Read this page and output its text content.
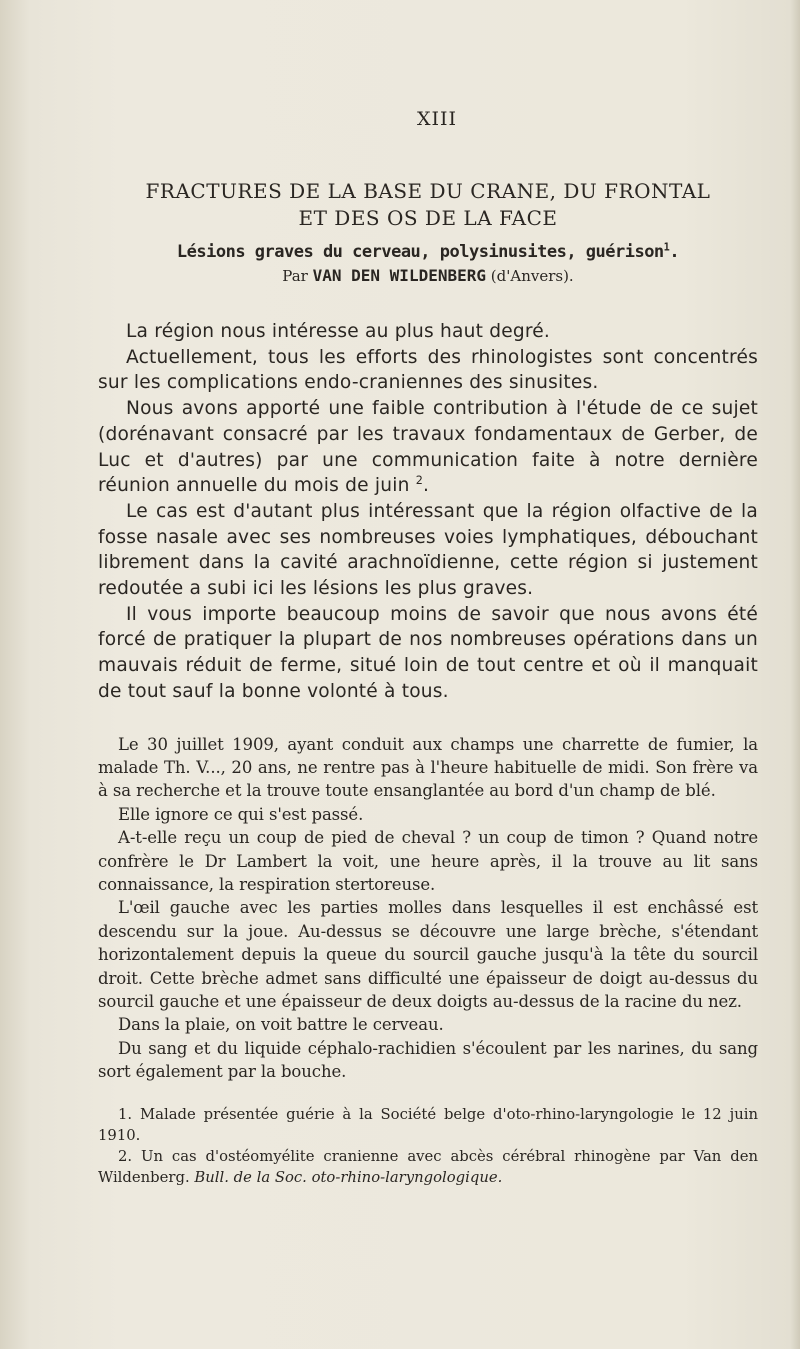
XIII
FRACTURES DE LA BASE DU CRANE, DU FRONTAL
ET DES OS DE LA FACE
Lésions graves du cerveau, polysinusites, guérison$^1$.
Par VAN DEN WILDENBERG (d'Anvers).

La région nous intéresse au plus haut degré.

Actuellement, tous les efforts des rhinologistes sont concentrés sur les complications endo-craniennes des sinusites.

Nous avons apporté une faible contribution à l'étude de ce sujet (dorénavant consacré par les travaux fondamentaux de Gerber, de Luc et d'autres) par une communication faite à notre dernière réunion annuelle du mois de juin $^2$.

Le cas est d'autant plus intéressant que la région olfactive de la fosse nasale avec ses nombreuses voies lymphatiques, débouchant librement dans la cavité arachnoïdienne, cette région si justement redoutée a subi ici les lésions les plus graves.

Il vous importe beaucoup moins de savoir que nous avons été forcé de pratiquer la plupart de nos nombreuses opérations dans un mauvais réduit de ferme, situé loin de tout centre et où il manquait de tout sauf la bonne volonté à tous.

Le 30 juillet 1909, ayant conduit aux champs une charrette de fumier, la malade Th. V..., 20 ans, ne rentre pas à l'heure habituelle de midi. Son frère va à sa recherche et la trouve toute ensanglantée au bord d'un champ de blé.

Elle ignore ce qui s'est passé.

A-t-elle reçu un coup de pied de cheval ? un coup de timon ? Quand notre confrère le Dr Lambert la voit, une heure après, il la trouve au lit sans connaissance, la respiration stertoreuse.

L'œil gauche avec les parties molles dans lesquelles il est enchâssé est descendu sur la joue. Au-dessus se découvre une large brèche, s'étendant horizontalement depuis la queue du sourcil gauche jusqu'à la tête du sourcil droit. Cette brèche admet sans difficulté une épaisseur de doigt au-dessus du sourcil gauche et une épaisseur de deux doigts au-dessus de la racine du nez.

Dans la plaie, on voit battre le cerveau.

Du sang et du liquide céphalo-rachidien s'écoulent par les narines, du sang sort également par la bouche.

1. Malade présentée guérie à la Société belge d'oto-rhino-laryngologie le 12 juin 1910.

2. Un cas d'ostéomyélite cranienne avec abcès cérébral rhinogène par Van den Wildenberg. Bull. de la Soc. oto-rhino-laryngologique.
